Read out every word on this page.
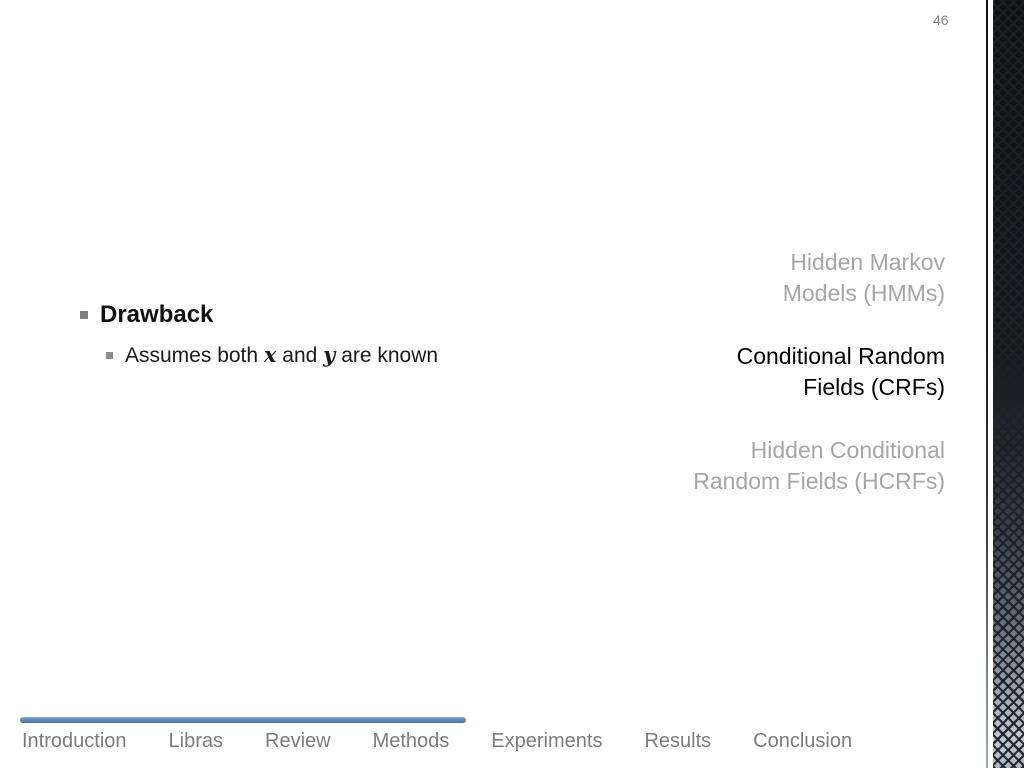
46
Drawback
Assumes both x and y are known
Hidden Markov
Models (HMMs)
Conditional Random
Fields (CRFs)
Hidden Conditional
Random Fields (HCRFs)
Introduction Libras Review Methods Experiments Results Conclusion
